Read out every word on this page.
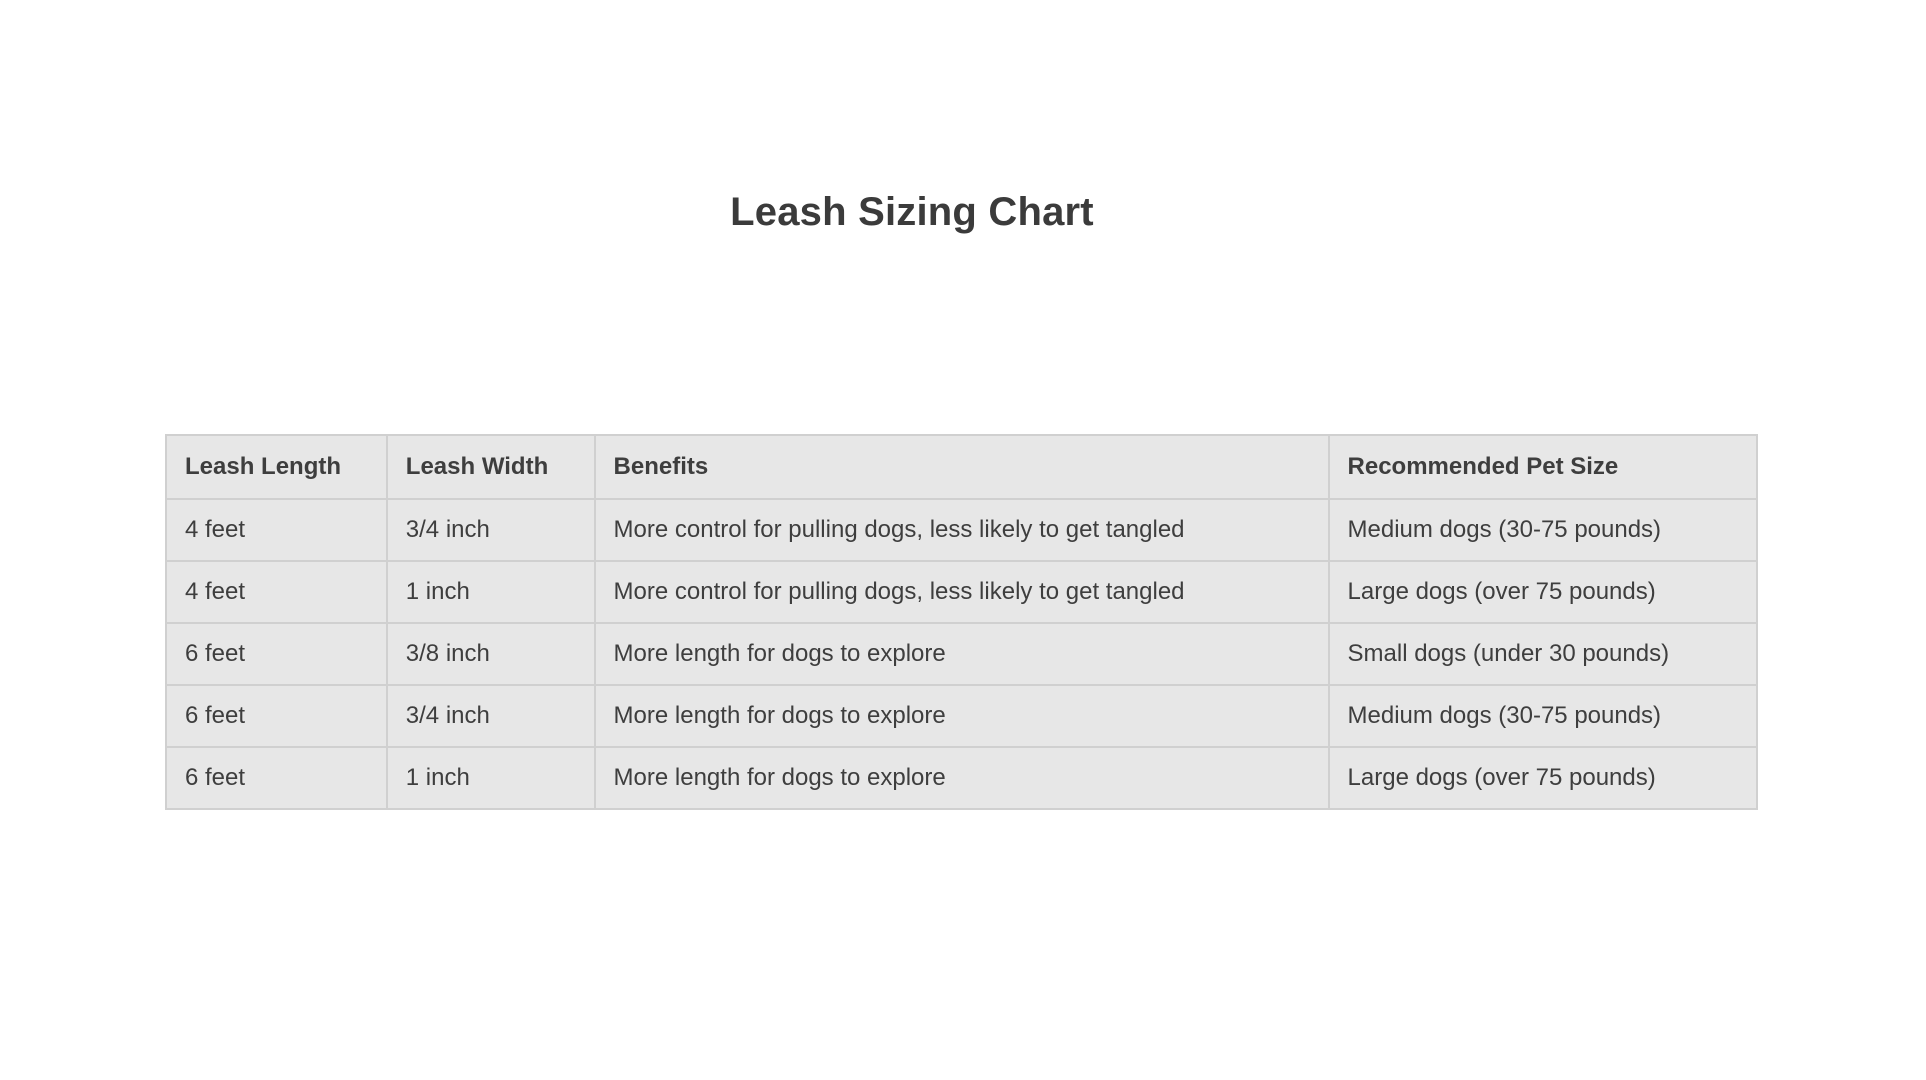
Leash Sizing Chart
Leash Length	Leash Width	Benefits	Recommended Pet Size
4 feet	3/4 inch	More control for pulling dogs, less likely to get tangled	Medium dogs (30-75 pounds)
4 feet	1 inch	More control for pulling dogs, less likely to get tangled	Large dogs (over 75 pounds)
6 feet	3/8 inch	More length for dogs to explore	Small dogs (under 30 pounds)
6 feet	3/4 inch	More length for dogs to explore	Medium dogs (30-75 pounds)
6 feet	1 inch	More length for dogs to explore	Large dogs (over 75 pounds)
